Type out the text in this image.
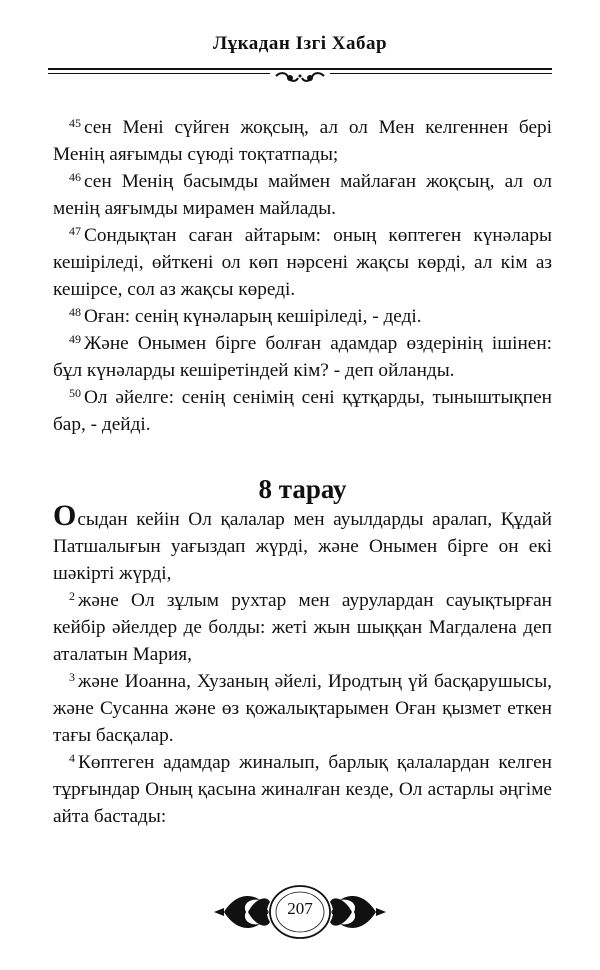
Лұкадан Ізгі Хабар

$^{45}$ сен Мені сүйген жоқсың, ал ол Мен келгеннен бері Менің аяғымды сүюді тоқтатпады;

$^{46}$ сен Менің басымды маймен майлаған жоқсың, ал ол менің аяғымды мирамен майлады.

$^{47}$ Сондықтан саған айтарым: оның көптеген күнәлары кешіріледі, өйткені ол көп нәрсені жақсы көрді, ал кім аз кешірсе, сол аз жақсы көреді.

$^{48}$ Оған: сенің күнәларың кешіріледі, - деді.

$^{49}$ Және Онымен бірге болған адамдар өздерінің ішінен: бұл күнәларды кешіретіндей кім? - деп ойланды.

$^{50}$ Ол әйелге: сенің сенімің сені құтқарды, тыныштықпен бар, - дейді.

8 тарау

Осыдан кейін Ол қалалар мен ауылдарды аралап, Құдай Патшалығын уағыздап жүрді, және Онымен бірге он екі шәкірті жүрді,

$^2$ және Ол зұлым рухтар мен аурулардан сауықтырған кейбір әйелдер де болды: жеті жын шыққан Магдалена деп аталатын Мария,

$^3$ және Иоанна, Хузаның әйелі, Иродтың үй басқарушысы, және Сусанна және өз қожалықтарымен Оған қызмет еткен тағы басқалар.

$^4$ Көптеген адамдар жиналып, барлық қалалардан келген тұрғындар Оның қасына жиналған кезде, Ол астарлы әңгіме айта бастады:

207
